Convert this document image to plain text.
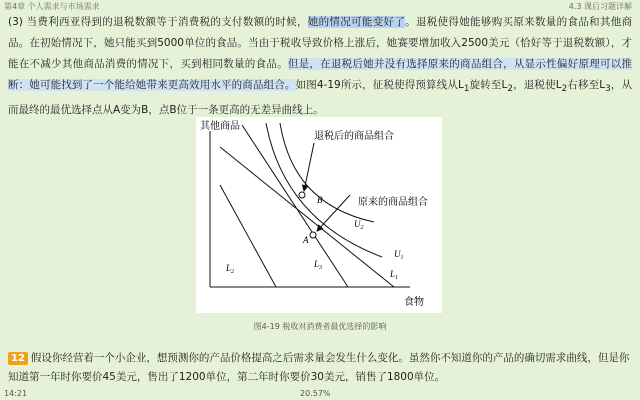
第4章 个人需求与市场需求	4.3 课后习题详解
(3) 当费利西亚得到的退税数额等于消费税的支付数额的时候，她的情况可能变好了。退税使得她能够购买原来数量的食品和其他商品。在初始情况下，她只能买到5000单位的食品。当由于税收导致价格上涨后，她赛要增加收入2500美元（恰好等于退税数额），才能在不减少其他商品消费的情况下，买到相同数量的食品。但是，在退税后她并没有选择原来的商品组合，从显示性偏好原理可以推断：她可能找到了一个能给她带来更高效用水平的商品组合。如图4-19所示，征税使得预算线从$L_1$旋转至$L_2$，退税使$L_2$右移至$L_3$，从而最终的最优选择点从A变为B，点B位于一条更高的无差异曲线上。
其他商品
食物
退税后的商品组合
原来的商品组合
A
B
$U_2$
$U_1$
$L_2$
$L_3$
$L_1$
图4-19 税收对消费者最优选择的影响
12 假设你经营着一个小企业，想预测你的产品价格提高之后需求量会发生什么变化。虽然你不知道你的产品的确切需求曲线，但是你知道第一年时你要价45美元，售出了1200单位，第二年时你要价30美元，销售了1800单位。
14:21	20.57%
